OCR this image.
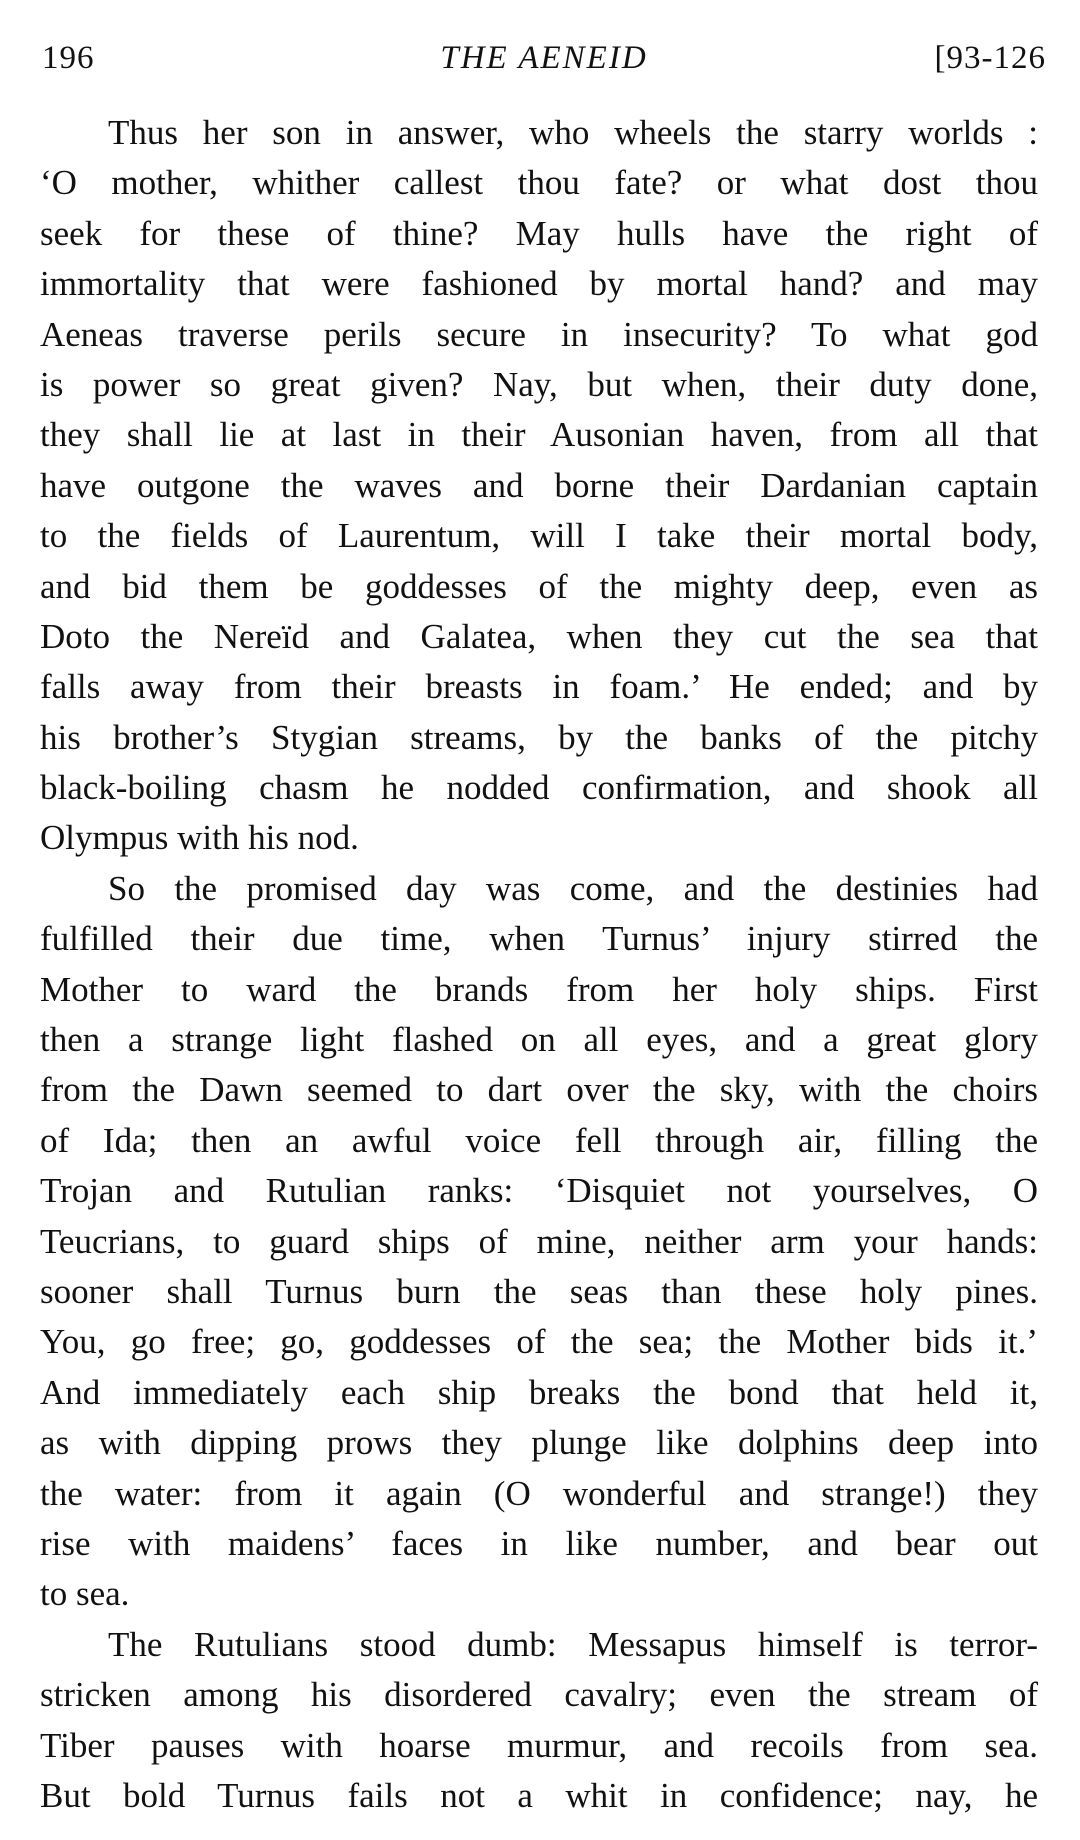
196	THE AENEID	[93-126

Thus her son in answer, who wheels the starry worlds :
‘O mother, whither callest thou fate? or what dost thou
seek for these of thine? May hulls have the right of
immortality that were fashioned by mortal hand? and may
Aeneas traverse perils secure in insecurity? To what god
is power so great given? Nay, but when, their duty done,
they shall lie at last in their Ausonian haven, from all that
have outgone the waves and borne their Dardanian captain
to the fields of Laurentum, will I take their mortal body,
and bid them be goddesses of the mighty deep, even as
Doto the Nereïd and Galatea, when they cut the sea that
falls away from their breasts in foam.’ He ended; and by
his brother’s Stygian streams, by the banks of the pitchy
black-boiling chasm he nodded confirmation, and shook all
Olympus with his nod.

So the promised day was come, and the destinies had
fulfilled their due time, when Turnus’ injury stirred the
Mother to ward the brands from her holy ships. First
then a strange light flashed on all eyes, and a great glory
from the Dawn seemed to dart over the sky, with the choirs
of Ida; then an awful voice fell through air, filling the
Trojan and Rutulian ranks: ‘Disquiet not yourselves, O
Teucrians, to guard ships of mine, neither arm your hands:
sooner shall Turnus burn the seas than these holy pines.
You, go free; go, goddesses of the sea; the Mother bids it.’
And immediately each ship breaks the bond that held it,
as with dipping prows they plunge like dolphins deep into
the water: from it again (O wonderful and strange!) they
rise with maidens’ faces in like number, and bear out
to sea.

The Rutulians stood dumb: Messapus himself is terror-
stricken among his disordered cavalry; even the stream of
Tiber pauses with hoarse murmur, and recoils from sea.
But bold Turnus fails not a whit in confidence; nay, he
